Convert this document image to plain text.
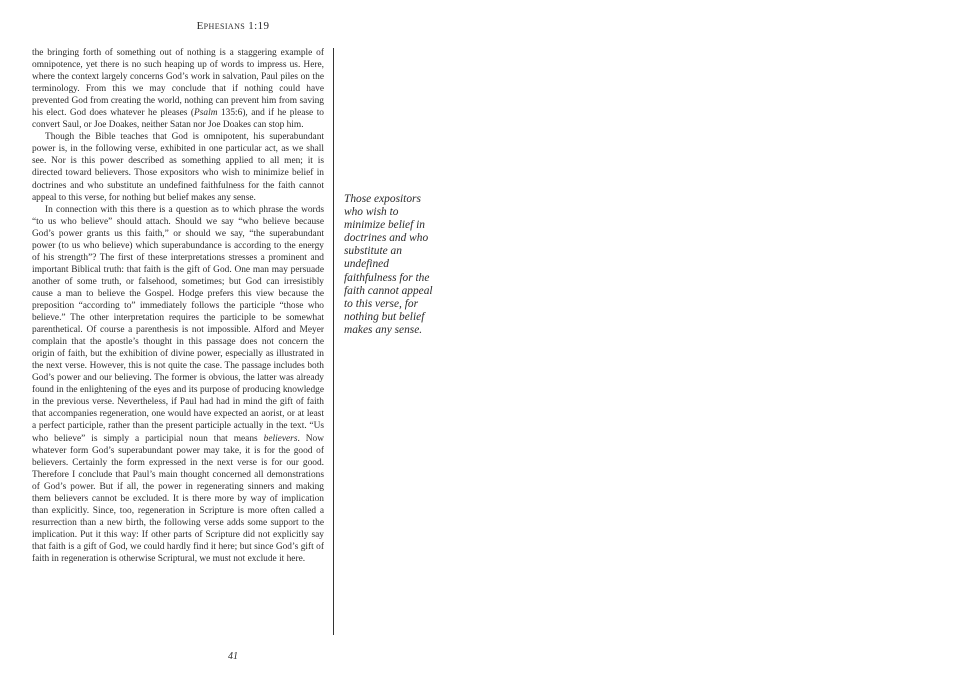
Ephesians 1:19

the bringing forth of something out of nothing is a staggering example of omnipotence, yet there is no such heaping up of words to impress us. Here, where the context largely concerns God’s work in salvation, Paul piles on the terminology. From this we may conclude that if nothing could have prevented God from creating the world, nothing can prevent him from saving his elect. God does whatever he pleases (Psalm 135:6), and if he please to convert Saul, or Joe Doakes, neither Satan nor Joe Doakes can stop him.

Though the Bible teaches that God is omnipotent, his superabundant power is, in the following verse, exhibited in one particular act, as we shall see. Nor is this power described as something applied to all men; it is directed toward believers. Those expositors who wish to minimize belief in doctrines and who substitute an undefined faithfulness for the faith cannot appeal to this verse, for nothing but belief makes any sense.

In connection with this there is a question as to which phrase the words “to us who believe” should attach. Should we say “who believe because God’s power grants us this faith,” or should we say, “the superabundant power (to us who believe) which superabundance is according to the energy of his strength”? The first of these interpretations stresses a prominent and important Biblical truth: that faith is the gift of God. One man may persuade another of some truth, or falsehood, sometimes; but God can irresistibly cause a man to believe the Gospel. Hodge prefers this view because the preposition “according to” immediately follows the participle “those who believe.” The other interpretation requires the participle to be somewhat parenthetical. Of course a parenthesis is not impossible. Alford and Meyer complain that the apostle’s thought in this passage does not concern the origin of faith, but the exhibition of divine power, especially as illustrated in the next verse. However, this is not quite the case. The passage includes both God’s power and our believing. The former is obvious, the latter was already found in the enlightening of the eyes and its purpose of producing knowledge in the previous verse. Nevertheless, if Paul had had in mind the gift of faith that accompanies regeneration, one would have expected an aorist, or at least a perfect participle, rather than the present participle actually in the text. “Us who believe” is simply a participial noun that means believers. Now whatever form God’s superabundant power may take, it is for the good of believers. Certainly the form expressed in the next verse is for our good. Therefore I conclude that Paul’s main thought concerned all demonstrations of God’s power. But if all, the power in regenerating sinners and making them believers cannot be excluded. It is there more by way of implication than explicitly. Since, too, regeneration in Scripture is more often called a resurrection than a new birth, the following verse adds some support to the implication. Put it this way: If other parts of Scripture did not explicitly say that faith is a gift of God, we could hardly find it here; but since God’s gift of faith in regeneration is otherwise Scriptural, we must not exclude it here.

Those expositors who wish to minimize belief in doctrines and who substitute an undefined faithfulness for the faith cannot appeal to this verse, for nothing but belief makes any sense.
41
